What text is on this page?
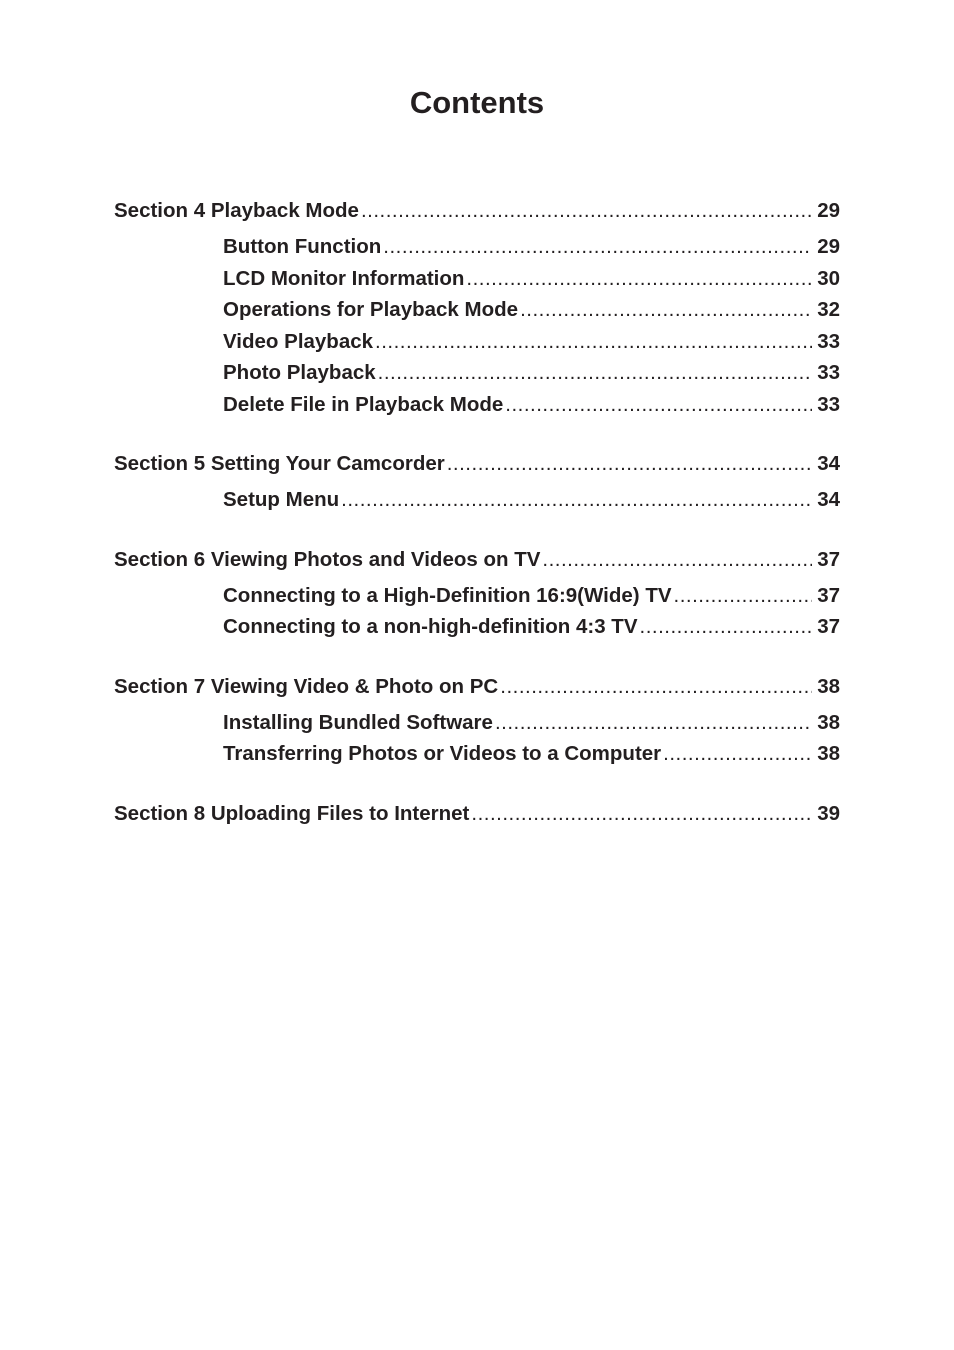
Contents
Section 4 Playback Mode . . .	29
Button Function . . .	29
LCD Monitor Information . . .	30
Operations for Playback Mode . . .	32
Video Playback . . .	33
Photo Playback . . .	33
Delete File in Playback Mode . . .	33
Section 5 Setting Your Camcorder . . .	34
Setup Menu . . .	34
Section 6 Viewing Photos and Videos on TV . . .	37
Connecting to a High-Definition 16:9(Wide) TV . . .	37
Connecting to a non-high-definition 4:3 TV . . .	37
Section 7 Viewing Video & Photo on PC . . .	38
Installing Bundled Software . . .	38
Transferring Photos or Videos to a Computer . . .	38
Section 8 Uploading Files to Internet . . .	39
